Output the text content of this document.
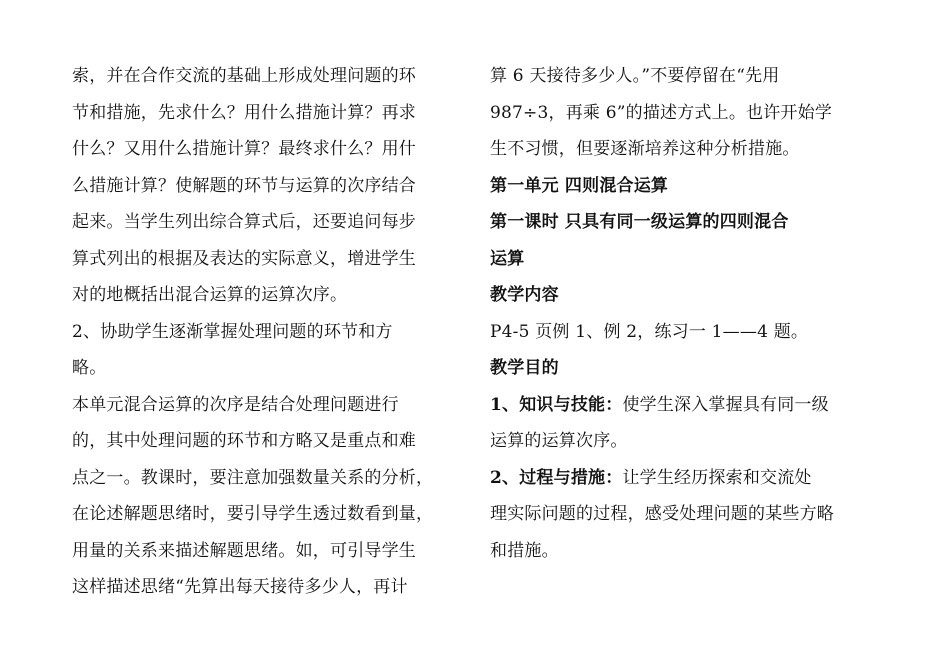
索，并在合作交流的基础上形成处理问题的环
节和措施，先求什么？用什么措施计算？再求
什么？又用什么措施计算？最终求什么？用什
么措施计算？使解题的环节与运算的次序结合
起来。当学生列出综合算式后，还要追问每步
算式列出的根据及表达的实际意义，增进学生
对的地概括出混合运算的运算次序。
2、协助学生逐渐掌握处理问题的环节和方
略。
本单元混合运算的次序是结合处理问题进行
的，其中处理问题的环节和方略又是重点和难
点之一。教课时，要注意加强数量关系的分析，
在论述解题思绪时，要引导学生透过数看到量，
用量的关系来描述解题思绪。如，可引导学生
这样描述思绪“先算出每天接待多少人，再计
算 6 天接待多少人。”不要停留在“先用
987÷3，再乘 6”的描述方式上。也许开始学
生不习惯，但要逐渐培养这种分析措施。
第一单元 四则混合运算
第一课时 只具有同一级运算的四则混合
运算
教学内容
P4-5 页例 1、例 2，练习一 1——4 题。
教学目的
1、知识与技能：使学生深入掌握具有同一级
运算的运算次序。
2、过程与措施：让学生经历探索和交流处
理实际问题的过程，感受处理问题的某些方略
和措施。
